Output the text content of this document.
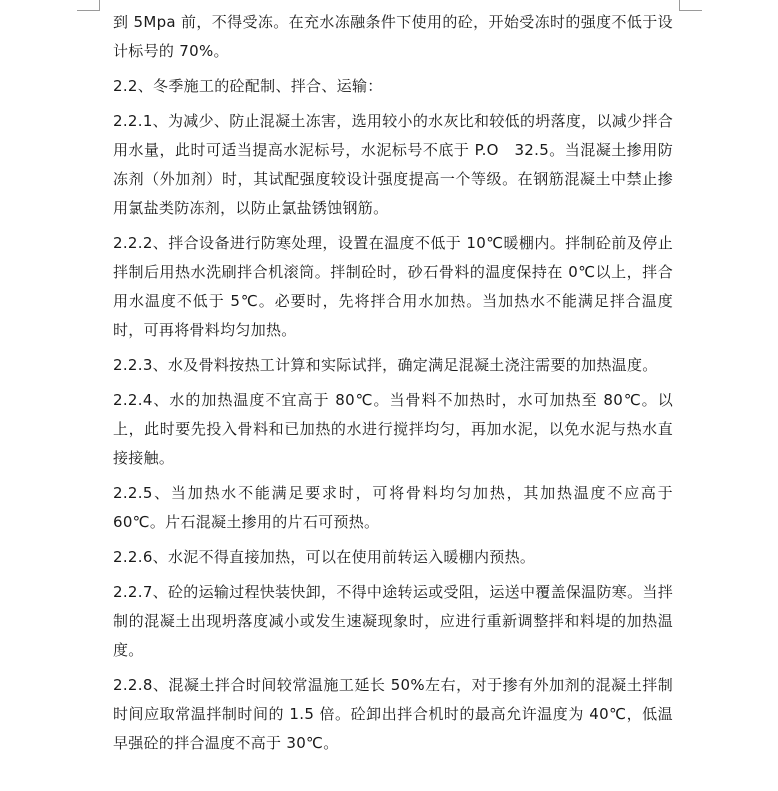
到 5Mpa 前，不得受冻。在充水冻融条件下使用的砼，开始受冻时的强度不低于设计标号的 70%。

2.2、冬季施工的砼配制、拌合、运输：

2.2.1、为减少、防止混凝土冻害，选用较小的水灰比和较低的坍落度，以减少拌合用水量，此时可适当提高水泥标号，水泥标号不底于 P.O　32.5。当混凝土掺用防冻剂（外加剂）时，其试配强度较设计强度提高一个等级。在钢筋混凝土中禁止掺用氯盐类防冻剂，以防止氯盐锈蚀钢筋。

2.2.2、拌合设备进行防寒处理，设置在温度不低于 10℃暖棚内。拌制砼前及停止拌制后用热水洗刷拌合机滚筒。拌制砼时，砂石骨料的温度保持在 0℃以上，拌合用水温度不低于 5℃。必要时，先将拌合用水加热。当加热水不能满足拌合温度时，可再将骨料均匀加热。

2.2.3、水及骨料按热工计算和实际试拌，确定满足混凝土浇注需要的加热温度。

2.2.4、水的加热温度不宜高于 80℃。当骨料不加热时，水可加热至 80℃。以上，此时要先投入骨料和已加热的水进行搅拌均匀，再加水泥，以免水泥与热水直接接触。

2.2.5、当加热水不能满足要求时，可将骨料均匀加热，其加热温度不应高于 60℃。片石混凝土掺用的片石可预热。

2.2.6、水泥不得直接加热，可以在使用前转运入暖棚内预热。

2.2.7、砼的运输过程快装快卸，不得中途转运或受阻，运送中覆盖保温防寒。当拌制的混凝土出现坍落度减小或发生速凝现象时，应进行重新调整拌和料堤的加热温度。

2.2.8、混凝土拌合时间较常温施工延长 50%左右，对于掺有外加剂的混凝土拌制时间应取常温拌制时间的 1.5 倍。砼卸出拌合机时的最高允许温度为 40℃，低温早强砼的拌合温度不高于 30℃。
